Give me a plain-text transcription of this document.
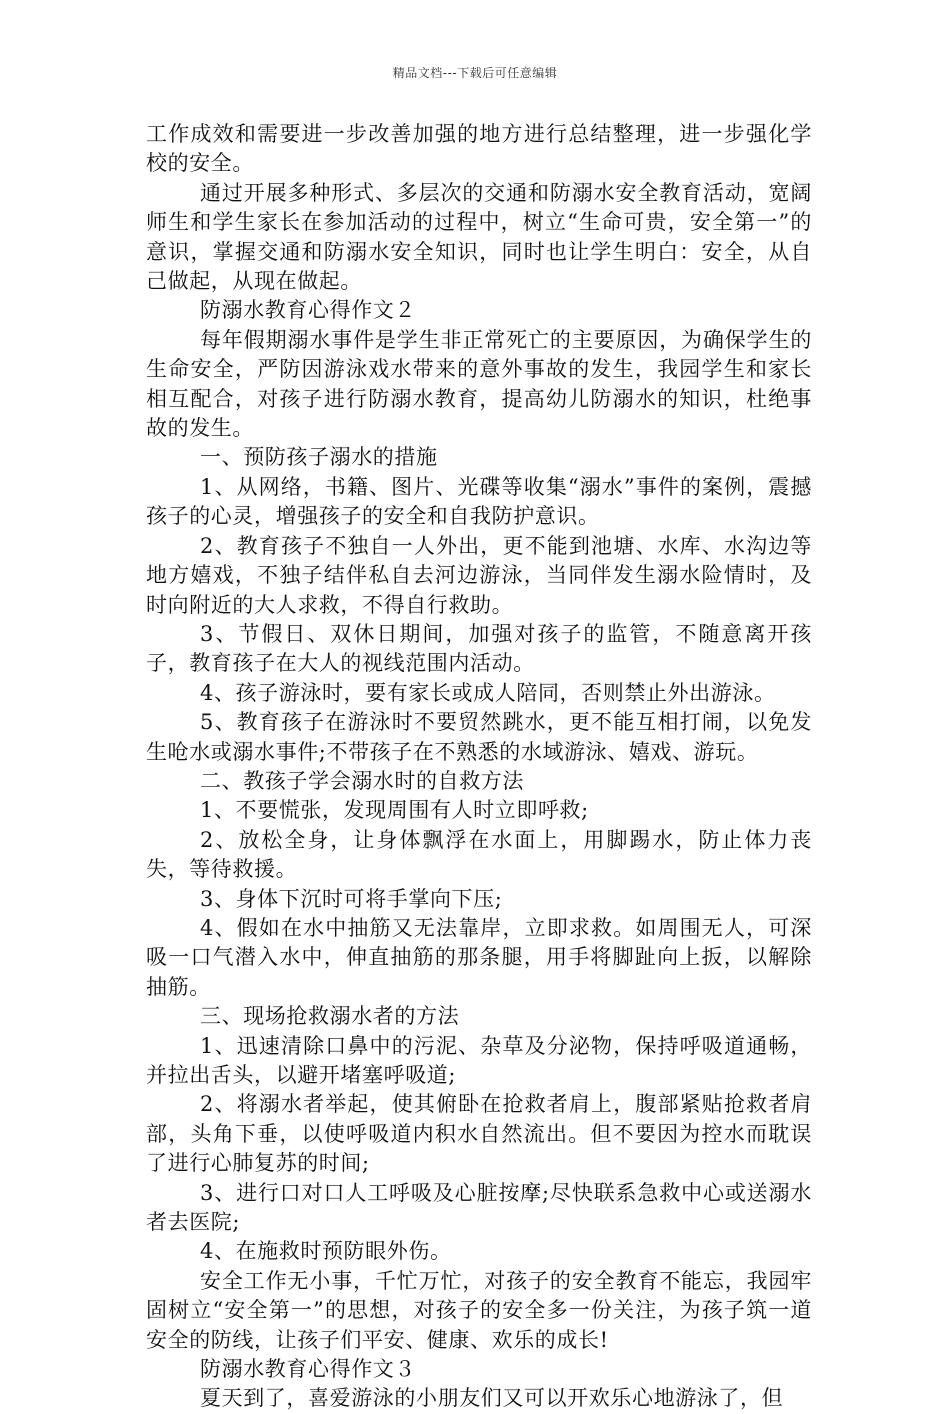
精品文档---下载后可任意编辑

工作成效和需要进一步改善加强的地方进行总结整理，进一步强化学校的安全。

通过开展多种形式、多层次的交通和防溺水安全教育活动，宽阔师生和学生家长在参加活动的过程中，树立“生命可贵，安全第一”的意识，掌握交通和防溺水安全知识，同时也让学生明白：安全，从自己做起，从现在做起。

防溺水教育心得作文２

每年假期溺水事件是学生非正常死亡的主要原因，为确保学生的生命安全，严防因游泳戏水带来的意外事故的发生，我园学生和家长相互配合，对孩子进行防溺水教育，提高幼儿防溺水的知识，杜绝事故的发生。

一、预防孩子溺水的措施

1、从网络，书籍、图片、光碟等收集“溺水”事件的案例，震撼孩子的心灵，增强孩子的安全和自我防护意识。

2、教育孩子不独自一人外出，更不能到池塘、水库、水沟边等地方嬉戏，不独子结伴私自去河边游泳，当同伴发生溺水险情时，及时向附近的大人求救，不得自行救助。

3、节假日、双休日期间，加强对孩子的监管，不随意离开孩子，教育孩子在大人的视线范围内活动。

4、孩子游泳时，要有家长或成人陪同，否则禁止外出游泳。

5、教育孩子在游泳时不要贸然跳水，更不能互相打闹，以免发生呛水或溺水事件;不带孩子在不熟悉的水域游泳、嬉戏、游玩。

二、教孩子学会溺水时的自救方法

1、不要慌张，发现周围有人时立即呼救;

2、放松全身，让身体飘浮在水面上，用脚踢水，防止体力丧失，等待救援。

3、身体下沉时可将手掌向下压;

4、假如在水中抽筋又无法靠岸，立即求救。如周围无人，可深吸一口气潜入水中，伸直抽筋的那条腿，用手将脚趾向上扳，以解除抽筋。

三、现场抢救溺水者的方法

1、迅速清除口鼻中的污泥、杂草及分泌物，保持呼吸道通畅，并拉出舌头，以避开堵塞呼吸道;

2、将溺水者举起，使其俯卧在抢救者肩上，腹部紧贴抢救者肩部，头角下垂，以使呼吸道内积水自然流出。但不要因为控水而耽误了进行心肺复苏的时间;

3、进行口对口人工呼吸及心脏按摩;尽快联系急救中心或送溺水者去医院;

4、在施救时预防眼外伤。

安全工作无小事，千忙万忙，对孩子的安全教育不能忘，我园牢固树立“安全第一”的思想，对孩子的安全多一份关注，为孩子筑一道安全的防线，让孩子们平安、健康、欢乐的成长!

防溺水教育心得作文３

夏天到了，喜爱游泳的小朋友们又可以开欢乐心地游泳了，但
